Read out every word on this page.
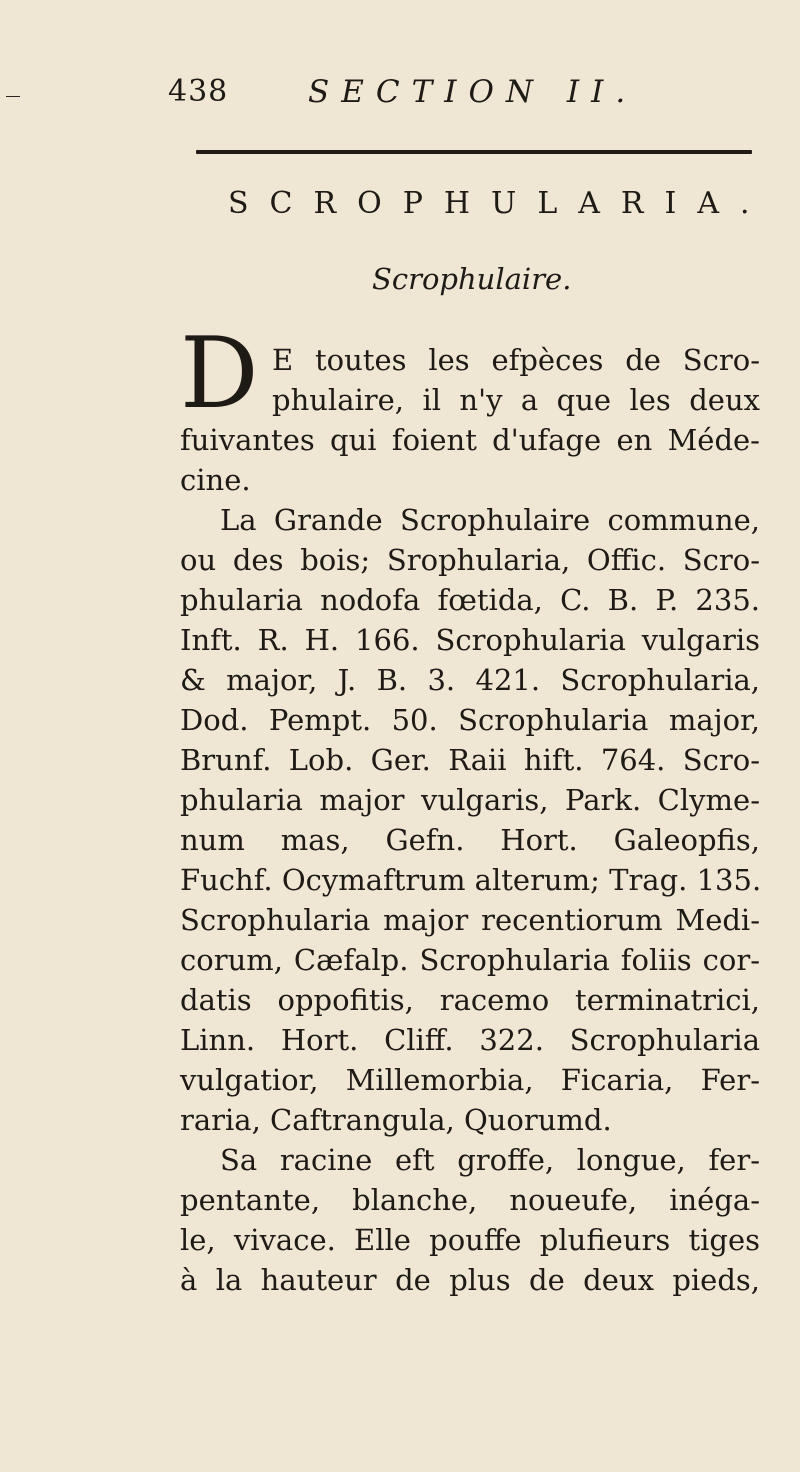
438	SECTION II.
SCROPHULARIA.
Scrophulaire.
D E toutes les efpèces de Scro-
phulaire, il n'y a que les deux
fuivantes qui foient d'ufage en Méde-
cine.
La Grande Scrophulaire commune,
ou des bois; Srophularia, Offic. Scro-
phularia nodofa fœtida, C. B. P. 235.
Inft. R. H. 166. Scrophularia vulgaris
& major, J. B. 3. 421. Scrophularia,
Dod. Pempt. 50. Scrophularia major,
Brunf. Lob. Ger. Raii hift. 764. Scro-
phularia major vulgaris, Park. Clyme-
num mas, Gefn. Hort. Galeopfis,
Fuchf. Ocymaftrum alterum; Trag. 135.
Scrophularia major recentiorum Medi-
corum, Cæfalp. Scrophularia foliis cor-
datis oppofitis, racemo terminatrici,
Linn. Hort. Cliff. 322. Scrophularia
vulgatior, Millemorbia, Ficaria, Fer-
raria, Caftrangula, Quorumd.
Sa racine eft groffe, longue, fer-
pentante, blanche, noueufe, inéga-
le, vivace. Elle pouffe plufieurs tiges
à la hauteur de plus de deux pieds,
